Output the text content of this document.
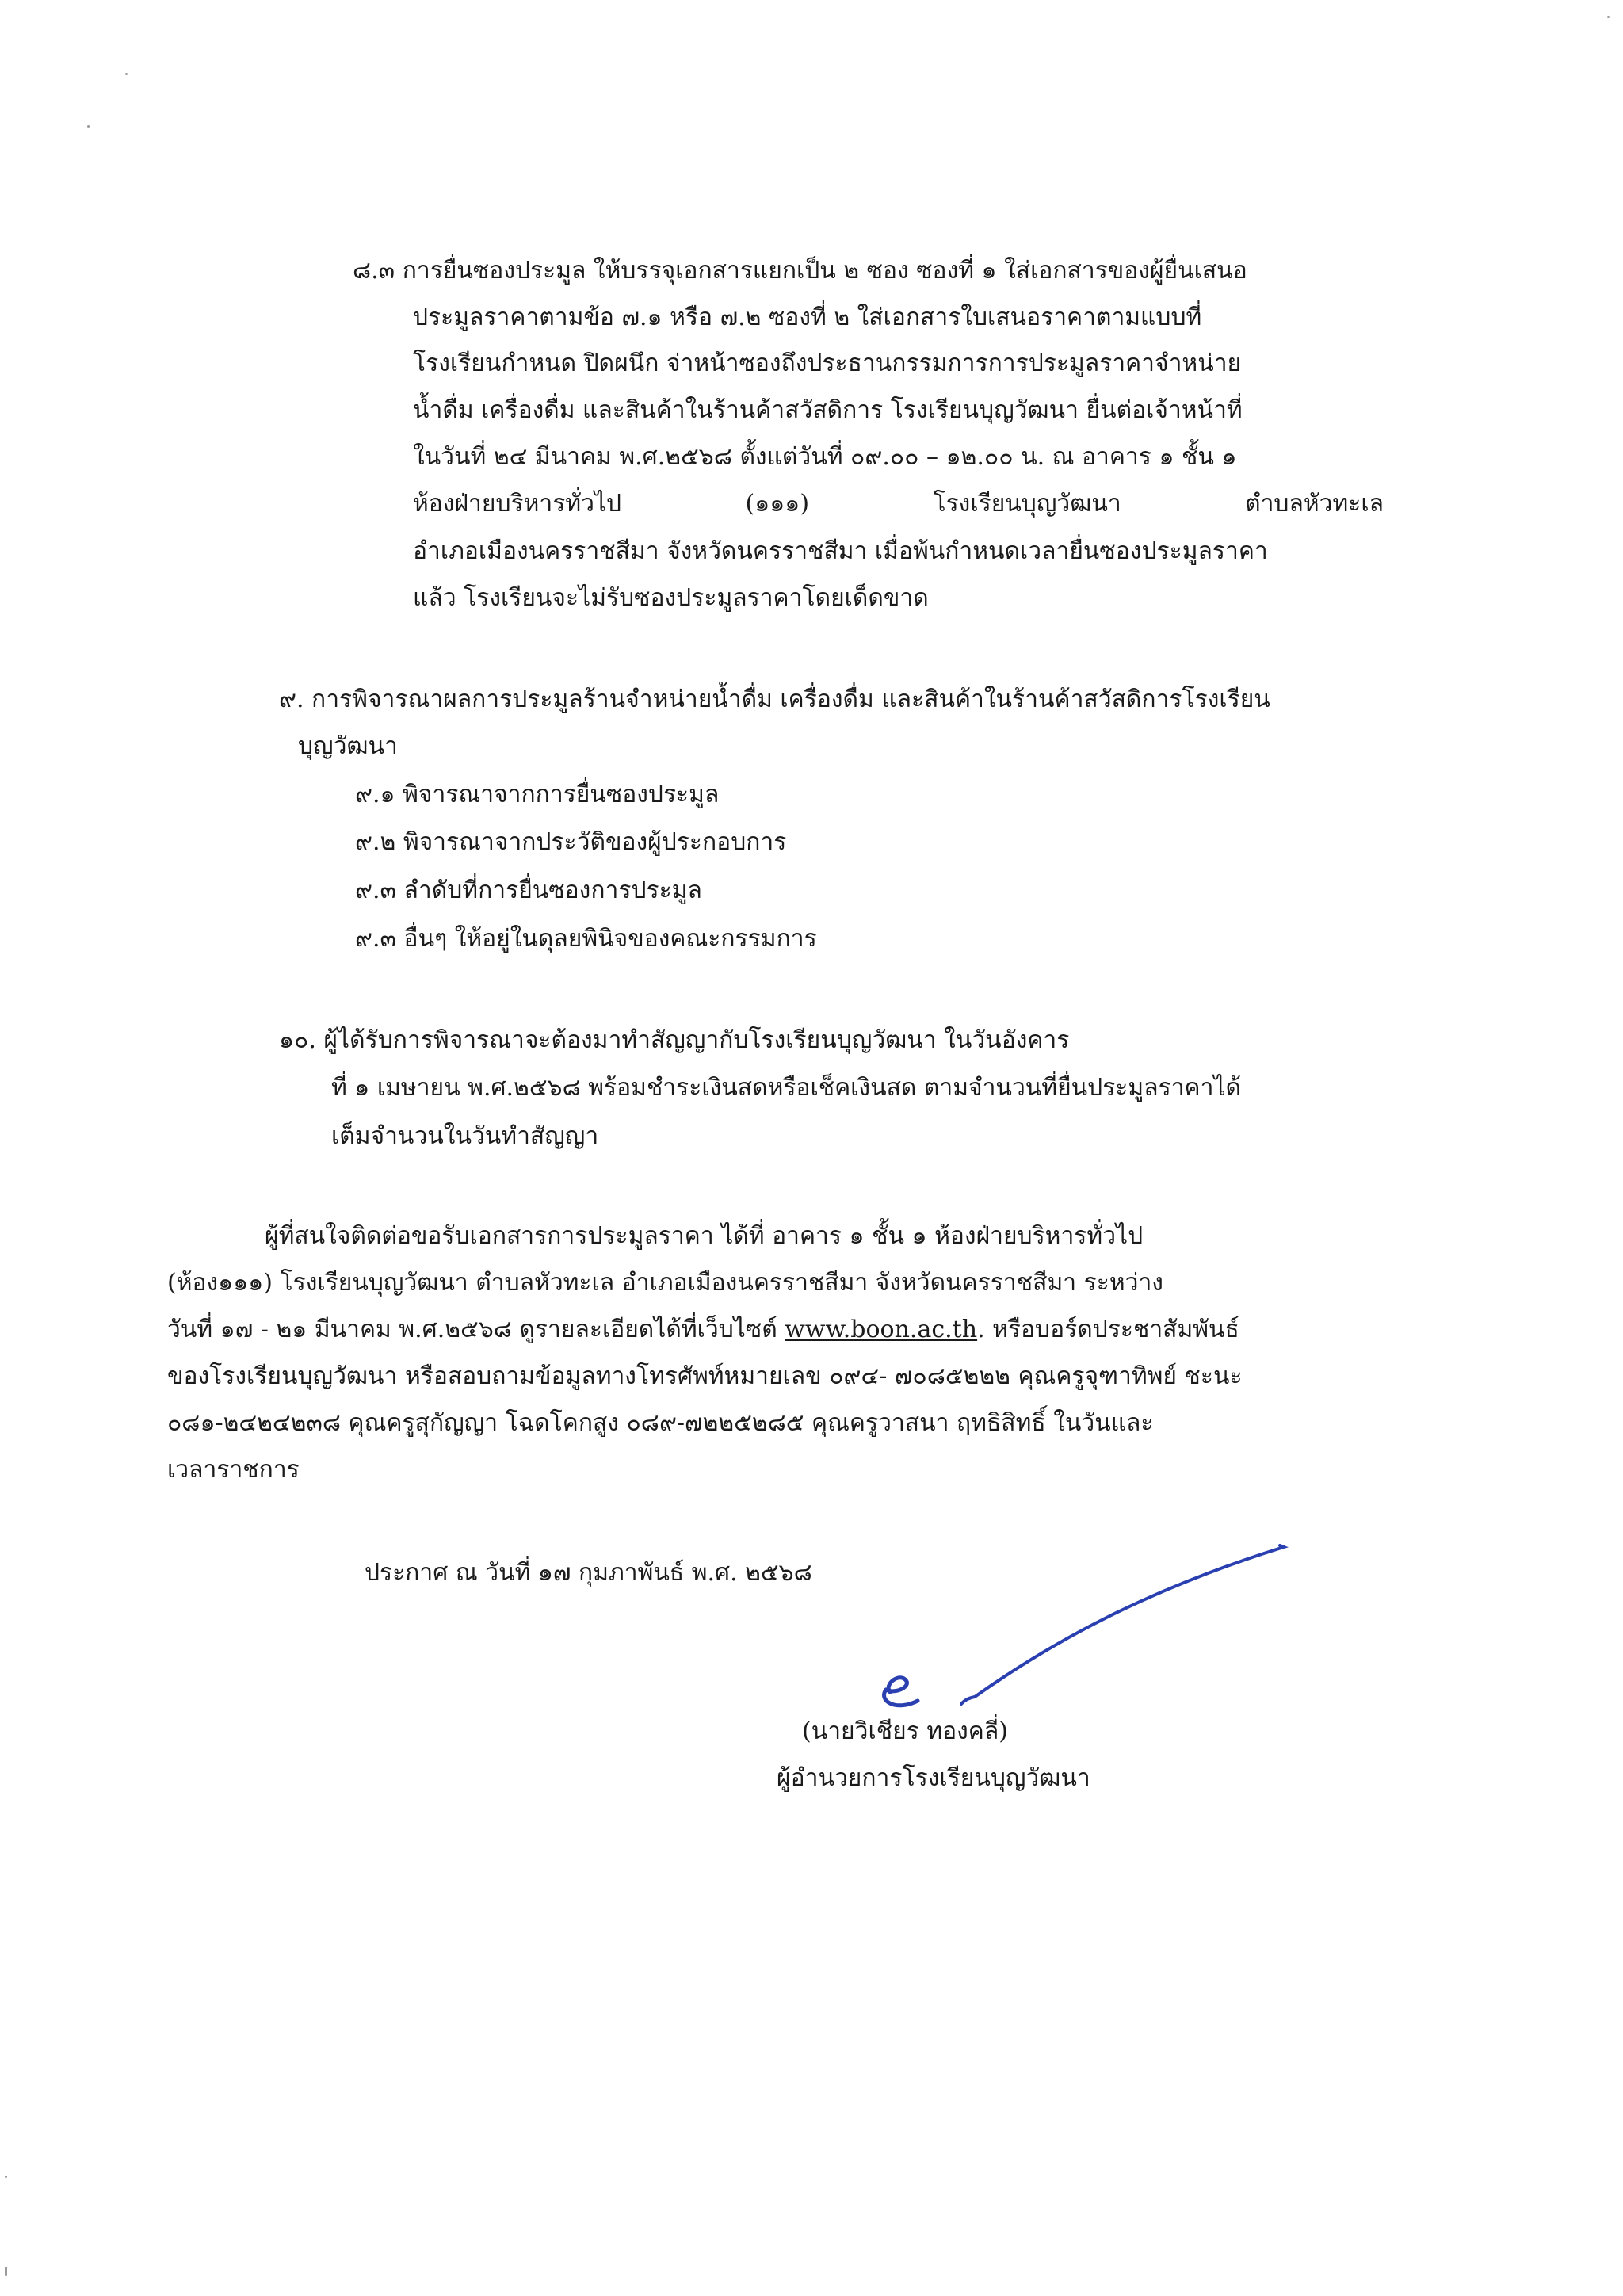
๘.๓ การยื่นซองประมูล ให้บรรจุเอกสารแยกเป็น ๒ ซอง ซองที่ ๑ ใส่เอกสารของผู้ยื่นเสนอ
ประมูลราคาตามข้อ ๗.๑ หรือ ๗.๒ ซองที่ ๒ ใส่เอกสารใบเสนอราคาตามแบบที่
โรงเรียนกำหนด ปิดผนึก จ่าหน้าซองถึงประธานกรรมการการประมูลราคาจำหน่าย
น้ำดื่ม เครื่องดื่ม และสินค้าในร้านค้าสวัสดิการ โรงเรียนบุญวัฒนา ยื่นต่อเจ้าหน้าที่
ในวันที่ ๒๔ มีนาคม พ.ศ.๒๕๖๘ ตั้งแต่วันที่ ๐๙.๐๐ – ๑๒.๐๐ น. ณ อาคาร ๑ ชั้น ๑
ห้องฝ่ายบริหารทั่วไป (๑๑๑) โรงเรียนบุญวัฒนา ตำบลหัวทะเล
อำเภอเมืองนครราชสีมา จังหวัดนครราชสีมา เมื่อพ้นกำหนดเวลายื่นซองประมูลราคา
แล้ว โรงเรียนจะไม่รับซองประมูลราคาโดยเด็ดขาด
๙. การพิจารณาผลการประมูลร้านจำหน่ายน้ำดื่ม เครื่องดื่ม และสินค้าในร้านค้าสวัสดิการโรงเรียน
บุญวัฒนา
๙.๑ พิจารณาจากการยื่นซองประมูล
๙.๒ พิจารณาจากประวัติของผู้ประกอบการ
๙.๓ ลำดับที่การยื่นซองการประมูล
๙.๓ อื่นๆ ให้อยู่ในดุลยพินิจของคณะกรรมการ
๑๐. ผู้ได้รับการพิจารณาจะต้องมาทำสัญญากับโรงเรียนบุญวัฒนา ในวันอังคาร
ที่ ๑ เมษายน พ.ศ.๒๕๖๘ พร้อมชำระเงินสดหรือเช็คเงินสด ตามจำนวนที่ยื่นประมูลราคาได้
เต็มจำนวนในวันทำสัญญา
ผู้ที่สนใจติดต่อขอรับเอกสารการประมูลราคา ได้ที่ อาคาร ๑ ชั้น ๑ ห้องฝ่ายบริหารทั่วไป
(ห้อง๑๑๑) โรงเรียนบุญวัฒนา ตำบลหัวทะเล อำเภอเมืองนครราชสีมา จังหวัดนครราชสีมา ระหว่าง
วันที่ ๑๗ - ๒๑ มีนาคม พ.ศ.๒๕๖๘ ดูรายละเอียดได้ที่เว็บไซต์ www.boon.ac.th. หรือบอร์ดประชาสัมพันธ์
ของโรงเรียนบุญวัฒนา หรือสอบถามข้อมูลทางโทรศัพท์หมายเลข ๐๙๔- ๗๐๘๕๒๒๒ คุณครูจุฑาทิพย์ ชะนะ
๐๘๑-๒๔๒๔๒๓๘ คุณครูสุกัญญา โฉดโคกสูง ๐๘๙-๗๒๒๕๒๘๕ คุณครูวาสนา ฤทธิสิทธิ์ ในวันและ
เวลาราชการ
ประกาศ ณ วันที่ ๑๗ กุมภาพันธ์ พ.ศ. ๒๕๖๘
(นายวิเชียร ทองคลี่)
ผู้อำนวยการโรงเรียนบุญวัฒนา
